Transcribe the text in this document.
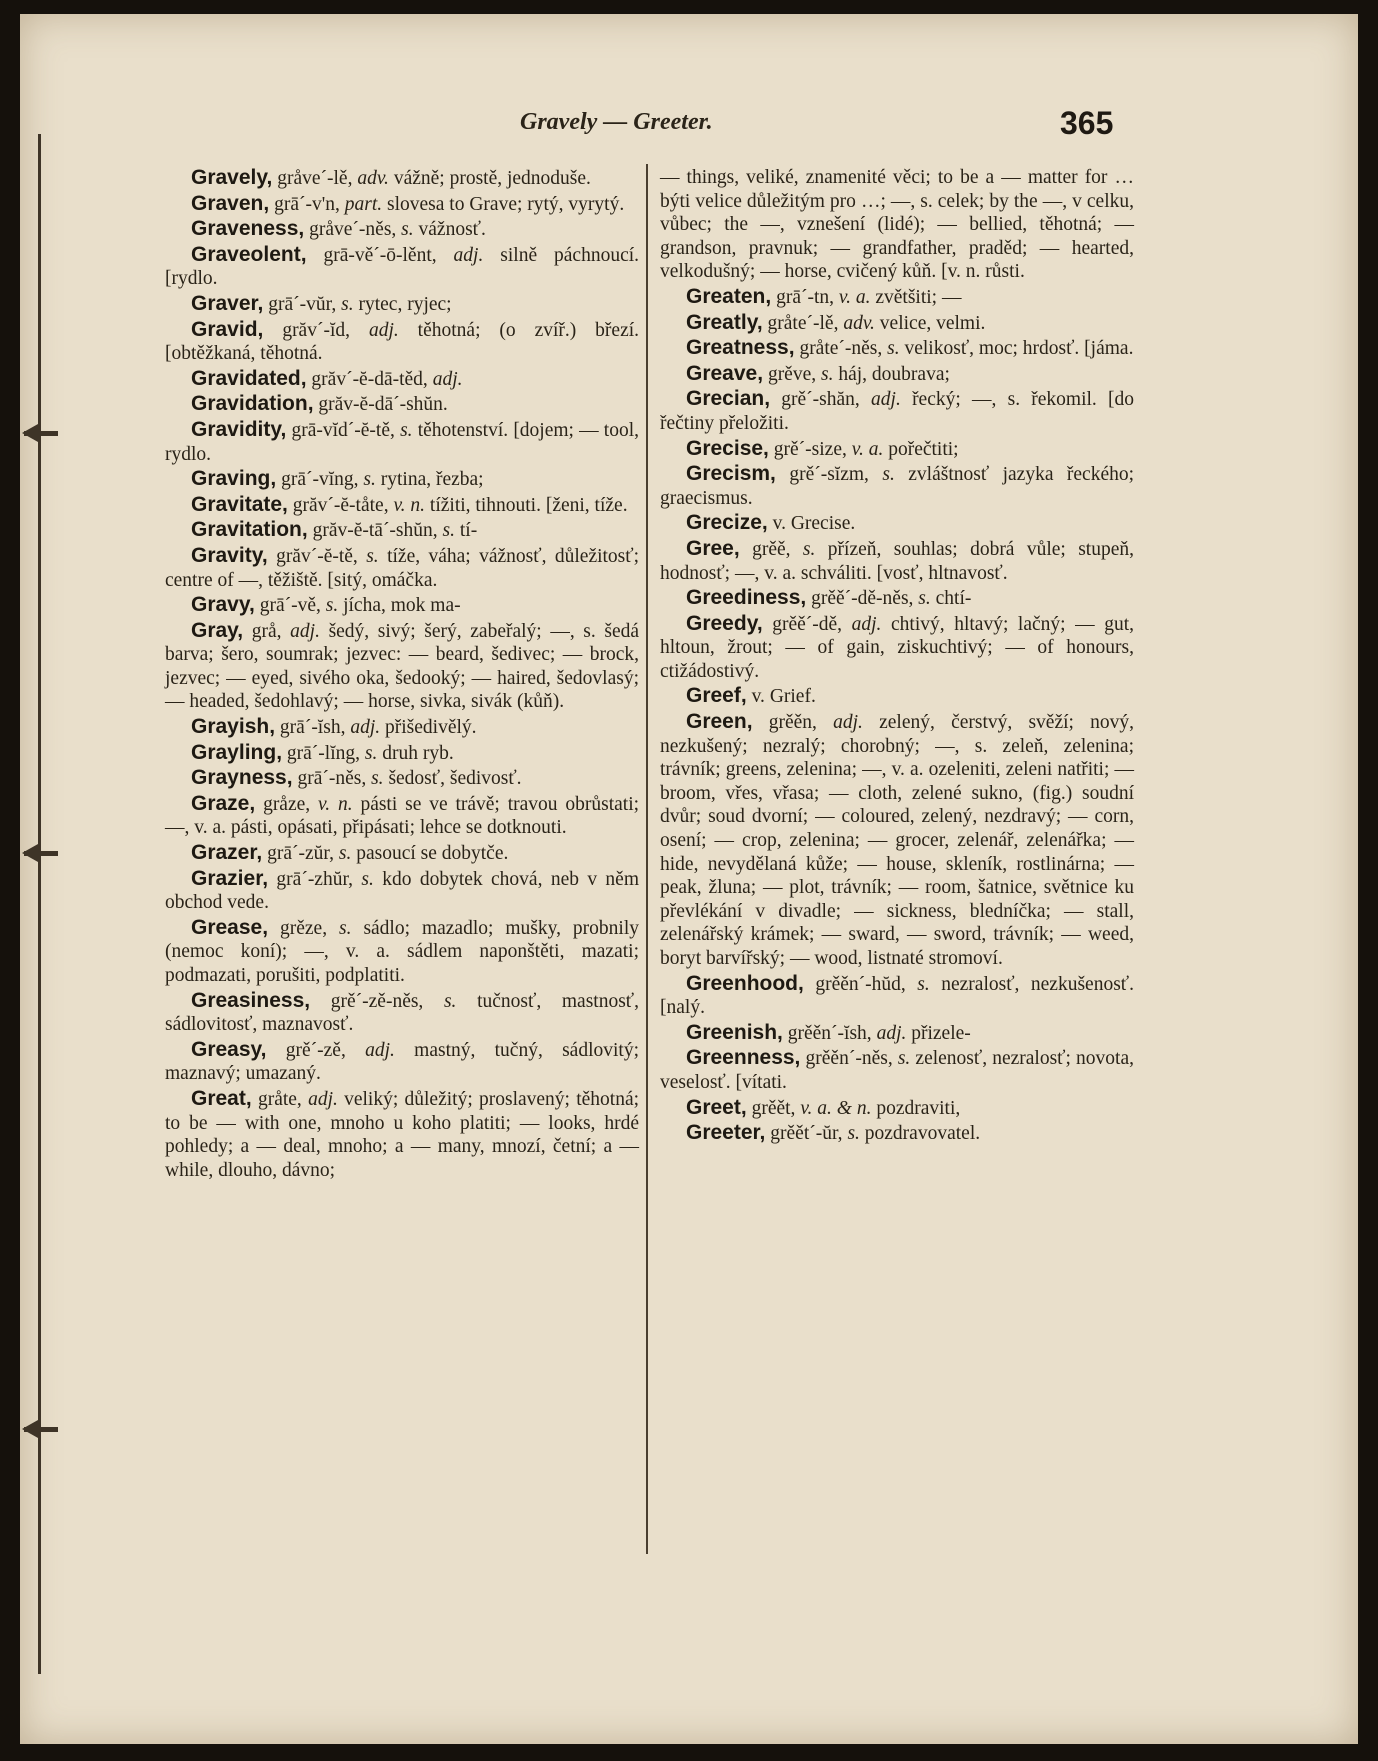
Gravely — Greeter.	365

Gravely, gråve´-lě, adv. vážně; prostě, jednoduše.

Graven, grā´-v'n, part. slovesa to Grave; rytý, vyrytý.

Graveness, gråve´-něs, s. vážnosť.

Graveolent, grā-vě´-ō-lěnt, adj. silně páchnoucí. [rydlo.

Graver, grā´-vŭr, s. rytec, ryjec;

Gravid, grăv´-ĭd, adj. těhotná; (o zvíř.) březí. [obtěžkaná, těhotná.

Gravidated, grăv´-ĕ-dā-těd, adj.

Gravidation, grăv-ĕ-dā´-shŭn.

Gravidity, grā-vĭd´-ĕ-tě, s. těhotenství. [dojem; — tool, rydlo.

Graving, grā´-vĭng, s. rytina, řezba;

Gravitate, grăv´-ĕ-tåte, v. n. tížiti, tihnouti. [ženi, tíže.

Gravitation, grăv-ĕ-tā´-shŭn, s. tí-

Gravity, grăv´-ĕ-tě, s. tíže, váha; vážnosť, důležitosť; centre of —, těžiště. [sitý, omáčka.

Gravy, grā´-vě, s. jícha, mok ma-

Gray, grå, adj. šedý, sivý; šerý, zabeřalý; —, s. šedá barva; šero, soumrak; jezvec: — beard, šedivec; — brock, jezvec; — eyed, sivého oka, šedooký; — haired, šedovlasý; — headed, šedohlavý; — horse, sivka, sivák (kůň).

Grayish, grā´-ĭsh, adj. přišedivělý.

Grayling, grā´-lĭng, s. druh ryb.

Grayness, grā´-něs, s. šedosť, šedivosť.

Graze, gråze, v. n. pásti se ve trávě; travou obrůstati; —, v. a. pásti, opásati, připásati; lehce se dotknouti.

Grazer, grā´-zŭr, s. pasoucí se dobytče.

Grazier, grā´-zhŭr, s. kdo dobytek chová, neb v něm obchod vede.

Grease, grěze, s. sádlo; mazadlo; mušky, probnily (nemoc koní); —, v. a. sádlem naponštěti, mazati; podmazati, porušiti, podplatiti.

Greasiness, grě´-zě-něs, s. tučnosť, mastnosť, sádlovitosť, maznavosť.

Greasy, grě´-zě, adj. mastný, tučný, sádlovitý; maznavý; umazaný.

Great, gråte, adj. veliký; důležitý; proslavený; těhotná; to be — with one, mnoho u koho platiti; — looks, hrdé pohledy; a — deal, mnoho; a — many, mnozí, četní; a — while, dlouho, dávno;

— things, veliké, znamenité věci; to be a — matter for … býti velice důležitým pro …; —, s. celek; by the —, v celku, vůbec; the —, vznešení (lidé); — bellied, těhotná; — grandson, pravnuk; — grandfather, praděd; — hearted, velkodušný; — horse, cvičený kůň. [v. n. růsti.

Greaten, grā´-tn, v. a. zvětšiti; —

Greatly, gråte´-lě, adv. velice, velmi.

Greatness, gråte´-něs, s. velikosť, moc; hrdosť. [jáma.

Greave, grěve, s. háj, doubrava;

Grecian, grě´-shăn, adj. řecký; —, s. řekomil. [do řečtiny přeložiti.

Grecise, grě´-size, v. a. pořečtiti;

Grecism, grě´-sĭzm, s. zvláštnosť jazyka řeckého; graecismus.

Grecize, v. Grecise.

Gree, grěě, s. přízeň, souhlas; dobrá vůle; stupeň, hodnosť; —, v. a. schváliti. [vosť, hltnavosť.

Greediness, grěě´-dě-něs, s. chtí-

Greedy, grěě´-dě, adj. chtivý, hltavý; lačný; — gut, hltoun, žrout; — of gain, ziskuchtivý; — of honours, ctižádostivý.

Greef, v. Grief.

Green, grěěn, adj. zelený, čerstvý, svěží; nový, nezkušený; nezralý; chorobný; —, s. zeleň, zelenina; trávník; greens, zelenina; —, v. a. ozeleniti, zeleni natřiti; — broom, vřes, vřasa; — cloth, zelené sukno, (fig.) soudní dvůr; soud dvorní; — coloured, zelený, nezdravý; — corn, osení; — crop, zelenina; — grocer, zelenář, zelenářka; — hide, nevydělaná kůže; — house, skleník, rostlinárna; — peak, žluna; — plot, trávník; — room, šatnice, světnice ku převlékání v divadle; — sickness, bledníčka; — stall, zelenářský krámek; — sward, — sword, trávník; — weed, boryt barvířský; — wood, listnaté stromoví.

Greenhood, grěěn´-hŭd, s. nezralosť, nezkušenosť. [nalý.

Greenish, grěěn´-ĭsh, adj. přizele-

Greenness, grěěn´-něs, s. zelenosť, nezralosť; novota, veselosť. [vítati.

Greet, grěět, v. a. & n. pozdraviti,

Greeter, grěět´-ŭr, s. pozdravovatel.
